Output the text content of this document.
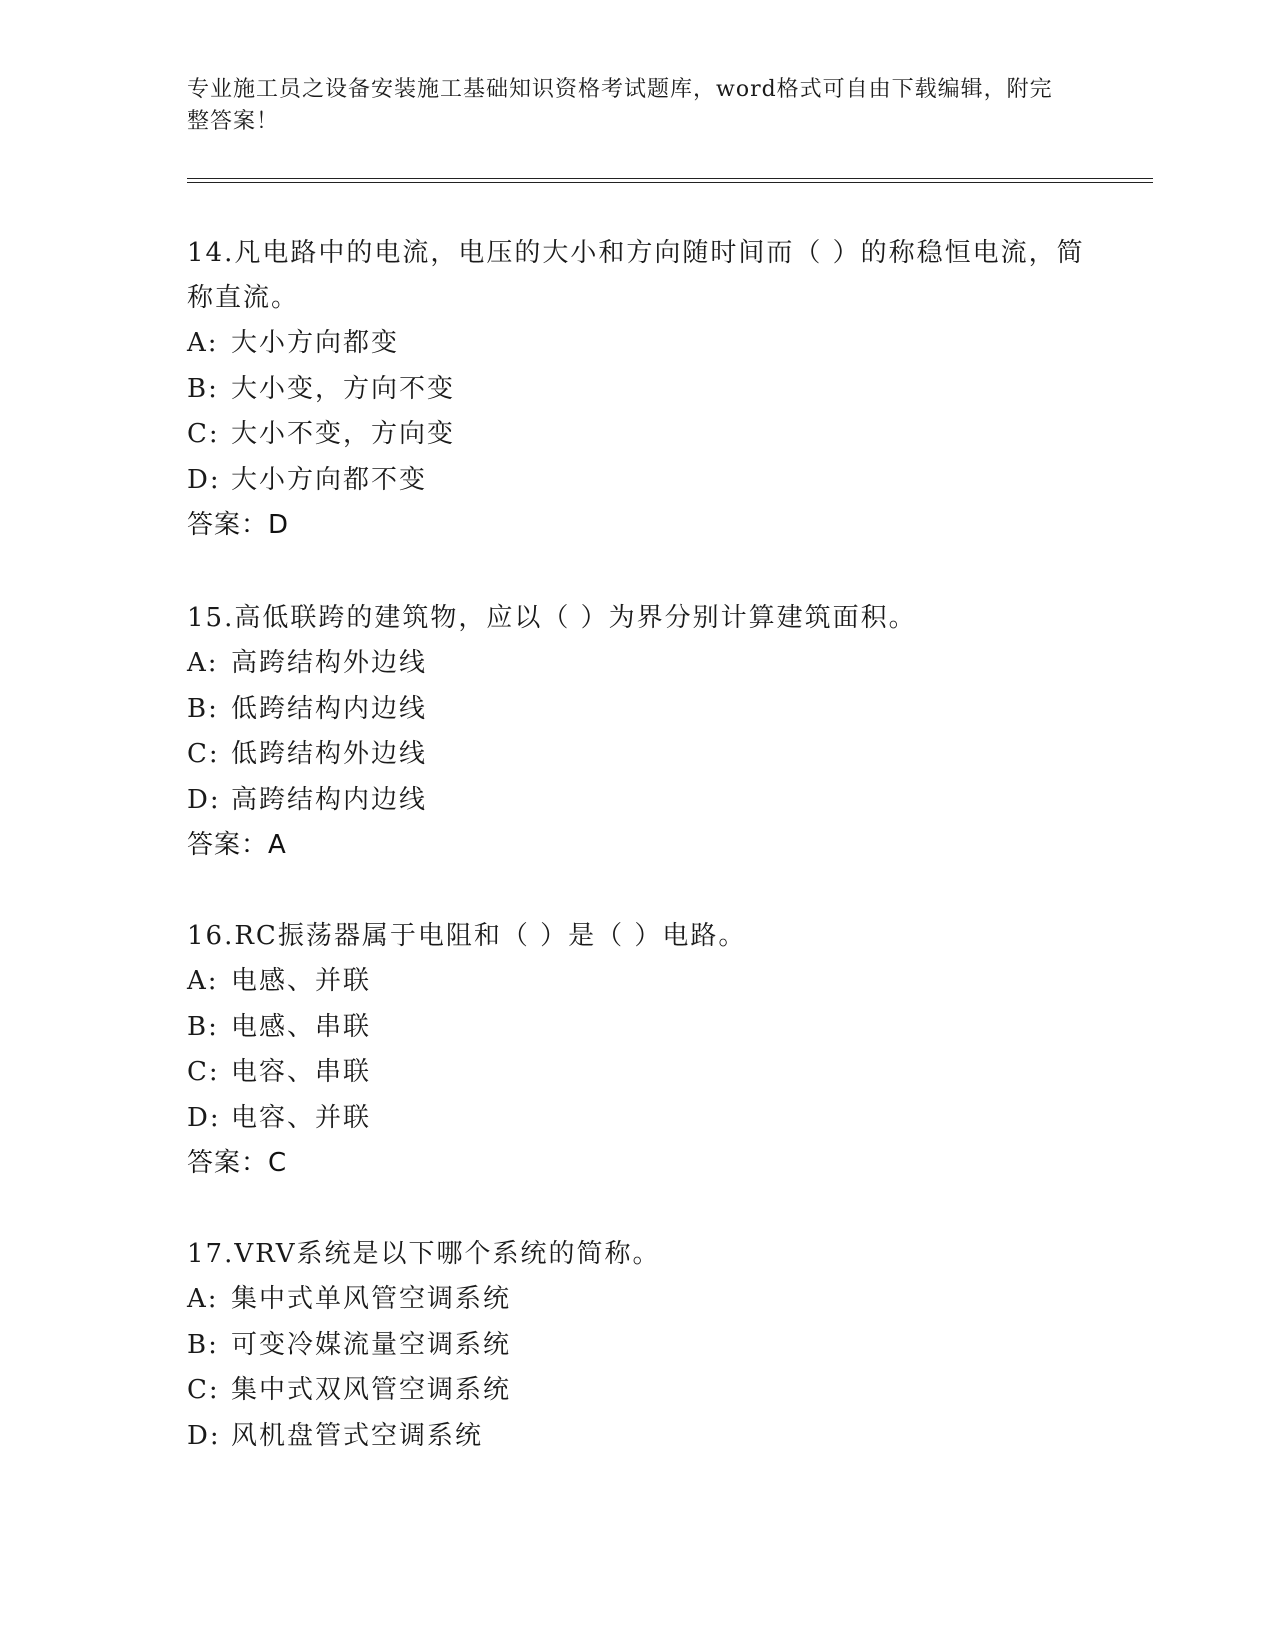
专业施工员之设备安装施工基础知识资格考试题库，word格式可自由下载编辑，附完整答案！

14.凡电路中的电流，电压的大小和方向随时间而（ ）的称稳恒电流，简称直流。

A: 大小方向都变

B: 大小变，方向不变

C: 大小不变，方向变

D: 大小方向都不变

答案：D

15.高低联跨的建筑物，应以（ ）为界分别计算建筑面积。

A: 高跨结构外边线

B: 低跨结构内边线

C: 低跨结构外边线

D: 高跨结构内边线

答案：A

16.RC振荡器属于电阻和（ ）是（ ）电路。

A: 电感、并联

B: 电感、串联

C: 电容、串联

D: 电容、并联

答案：C

17.VRV系统是以下哪个系统的简称。

A: 集中式单风管空调系统

B: 可变冷媒流量空调系统

C: 集中式双风管空调系统

D: 风机盘管式空调系统
